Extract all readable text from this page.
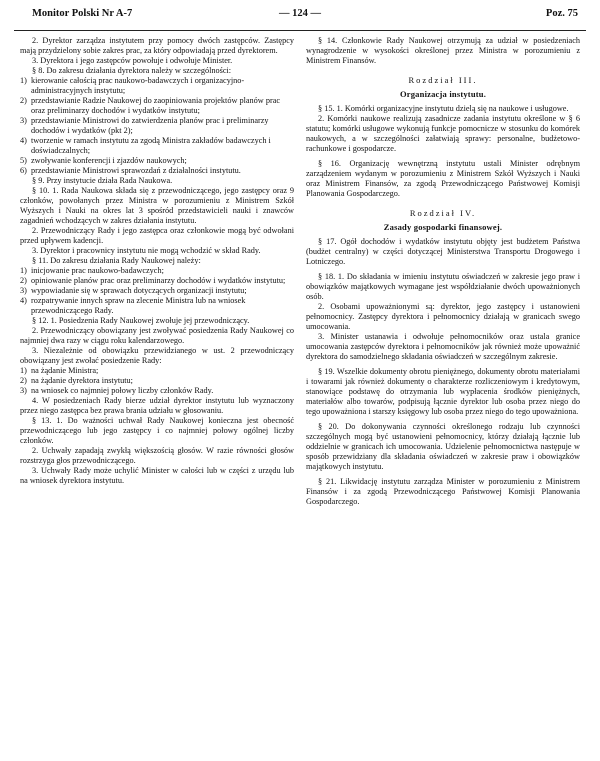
Monitor Polski Nr A-7	— 124 —	Poz. 75

2. Dyrektor zarządza instytutem przy pomocy dwóch zastępców. Zastępcy mają przydzielony sobie zakres prac, za który odpowiadają przed dyrektorem.

3. Dyrektora i jego zastępców powołuje i odwołuje Minister.

§ 8. Do zakresu działania dyrektora należy w szczególności:

1) kierowanie całością prac naukowo-badawczych i organizacyjno-administracyjnych instytutu;

2) przedstawianie Radzie Naukowej do zaopiniowania projektów planów prac oraz preliminarzy dochodów i wydatków instytutu;

3) przedstawianie Ministrowi do zatwierdzenia planów prac i preliminarzy dochodów i wydatków (pkt 2);

4) tworzenie w ramach instytutu za zgodą Ministra zakładów badawczych i doświadczalnych;

5) zwoływanie konferencji i zjazdów naukowych;

6) przedstawianie Ministrowi sprawozdań z działalności instytutu.

§ 9. Przy instytucie działa Rada Naukowa.

§ 10. 1. Rada Naukowa składa się z przewodniczącego, jego zastępcy oraz 9 członków, powołanych przez Ministra w porozumieniu z Ministrem Szkół Wyższych i Nauki na okres lat 3 spośród przedstawicieli nauki i znawców zagadnień wchodzących w zakres działania instytutu.

2. Przewodniczący Rady i jego zastępca oraz członkowie mogą być odwołani przed upływem kadencji.

3. Dyrektor i pracownicy instytutu nie mogą wchodzić w skład Rady.

§ 11. Do zakresu działania Rady Naukowej należy:

1) inicjowanie prac naukowo-badawczych;

2) opiniowanie planów prac oraz preliminarzy dochodów i wydatków instytutu;

3) wypowiadanie się w sprawach dotyczących organizacji instytutu;

4) rozpatrywanie innych spraw na zlecenie Ministra lub na wniosek przewodniczącego Rady.

§ 12. 1. Posiedzenia Rady Naukowej zwołuje jej przewodniczący.

2. Przewodniczący obowiązany jest zwoływać posiedzenia Rady Naukowej co najmniej dwa razy w ciągu roku kalendarzowego.

3. Niezależnie od obowiązku przewidzianego w ust. 2 przewodniczący obowiązany jest zwołać posiedzenie Rady:

1) na żądanie Ministra;

2) na żądanie dyrektora instytutu;

3) na wniosek co najmniej połowy liczby członków Rady.

4. W posiedzeniach Rady bierze udział dyrektor instytutu lub wyznaczony przez niego zastępca bez prawa brania udziału w głosowaniu.

§ 13. 1. Do ważności uchwał Rady Naukowej konieczna jest obecność przewodniczącego lub jego zastępcy i co najmniej połowy ogólnej liczby członków.

2. Uchwały zapadają zwykłą większością głosów. W razie równości głosów rozstrzyga głos przewodniczącego.

3. Uchwały Rady może uchylić Minister w całości lub w części z urzędu lub na wniosek dyrektora instytutu.

§ 14. Członkowie Rady Naukowej otrzymują za udział w posiedzeniach wynagrodzenie w wysokości określonej przez Ministra w porozumieniu z Ministrem Finansów.

Rozdział III.
Organizacja instytutu.

§ 15. 1. Komórki organizacyjne instytutu dzielą się na naukowe i usługowe.

2. Komórki naukowe realizują zasadnicze zadania instytutu określone w § 6 statutu; komórki usługowe wykonują funkcje pomocnicze w stosunku do komórek naukowych, a w szczególności załatwiają sprawy: personalne, budżetowo-rachunkowe i gospodarcze.

§ 16. Organizację wewnętrzną instytutu ustali Minister odrębnym zarządzeniem wydanym w porozumieniu z Ministrem Szkół Wyższych i Nauki oraz Ministrem Finansów, za zgodą Przewodniczącego Państwowej Komisji Planowania Gospodarczego.

Rozdział IV.
Zasady gospodarki finansowej.

§ 17. Ogół dochodów i wydatków instytutu objęty jest budżetem Państwa (budżet centralny) w części dotyczącej Ministerstwa Transportu Drogowego i Lotniczego.

§ 18. 1. Do składania w imieniu instytutu oświadczeń w zakresie jego praw i obowiązków majątkowych wymagane jest współdziałanie dwóch upoważnionych osób.

2. Osobami upoważnionymi są: dyrektor, jego zastępcy i ustanowieni pełnomocnicy. Zastępcy dyrektora i pełnomocnicy działają w granicach swego umocowania.

3. Minister ustanawia i odwołuje pełnomocników oraz ustala granice umocowania zastępców dyrektora i pełnomocników jak również może upoważnić dyrektora do samodzielnego składania oświadczeń w szczególnym zakresie.

§ 19. Wszelkie dokumenty obrotu pieniężnego, dokumenty obrotu materiałami i towarami jak również dokumenty o charakterze rozliczeniowym i kredytowym, stanowiące podstawę do otrzymania lub wypłacenia środków pieniężnych, materiałów albo towarów, podpisują łącznie dyrektor lub osoba przez niego do tego upoważniona i starszy księgowy lub osoba przez niego do tego upoważniona.

§ 20. Do dokonywania czynności określonego rodzaju lub czynności szczególnych mogą być ustanowieni pełnomocnicy, którzy działają łącznie lub oddzielnie w granicach ich umocowania. Udzielenie pełnomocnictwa następuje w sposób przewidziany dla składania oświadczeń w zakresie praw i obowiązków majątkowych instytutu.

§ 21. Likwidację instytutu zarządza Minister w porozumieniu z Ministrem Finansów i za zgodą Przewodniczącego Państwowej Komisji Planowania Gospodarczego.
